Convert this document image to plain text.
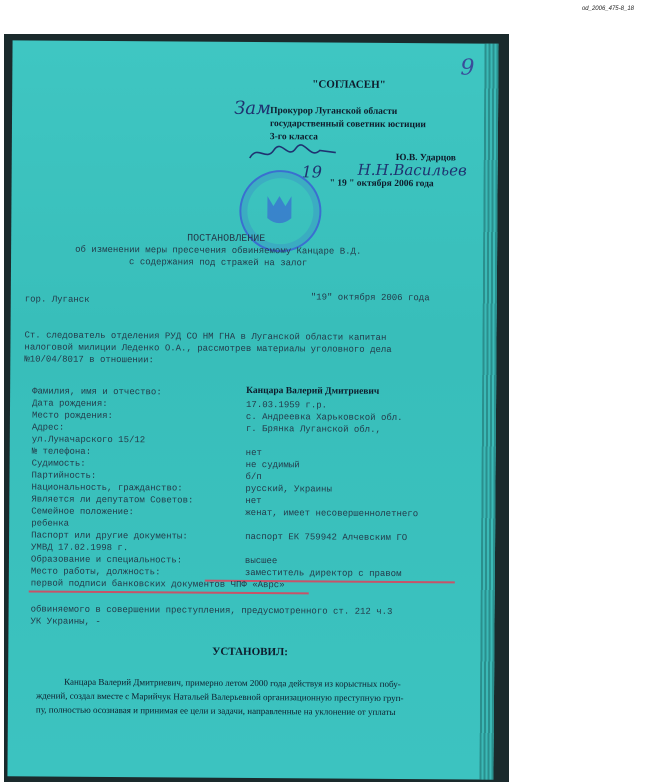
od_2006_475-8_18
9
"СОГЛАСЕН"
Зам
Прокурор Луганской области
государственный советник юстиции
3-го класса
Ю.В. Ударцов
19 Н.Н.Васильев
" 19 " октября 2006 года
ПОСТАНОВЛЕНИЕ
об изменении меры пресечения обвиняемому Канцаре В.Д.
с содержания под стражей на залог
гор. Луганск	"19" октября 2006 года
Ст. следователь отделения РУД СО НМ ГНА в Луганской области капитан
налоговой милиции Леденко О.А., рассмотрев материалы уголовного дела
№10/04/8017 в отношении:
Фамилия, имя и отчество:	Канцара Валерий Дмитриевич
Дата рождения:	17.03.1959 г.р.
Место рождения:	с. Андреевка Харьковской обл.
Адрес:	г. Брянка Луганской обл.,
ул.Луначарского 15/12
№ телефона:	нет
Судимость:	не судимый
Партийность:	б/п
Национальность, гражданство:	русский, Украины
Является ли депутатом Советов:	нет
Семейное положение:	женат, имеет несовершеннолетнего
ребенка
Паспорт или другие документы:	паспорт ЕК 759942 Алчевским ГО
УМВД 17.02.1998 г.
Образование и специальность:	высшее
Место работы, должность:	заместитель директор с правом
первой подписи банковских документов ЧПФ «Аврс»
обвиняемого в совершении преступления, предусмотренного ст. 212 ч.3
УК Украины, -
УСТАНОВИЛ:
Канцара Валерий Дмитриевич, примерно летом 2000 года действуя из корыстных побу-
ждений, создал вместе с Марийчук Натальей Валерьевной организационную преступную груп-
пу, полностью осознавая и принимая ее цели и задачи, направленные на уклонение от уплаты
